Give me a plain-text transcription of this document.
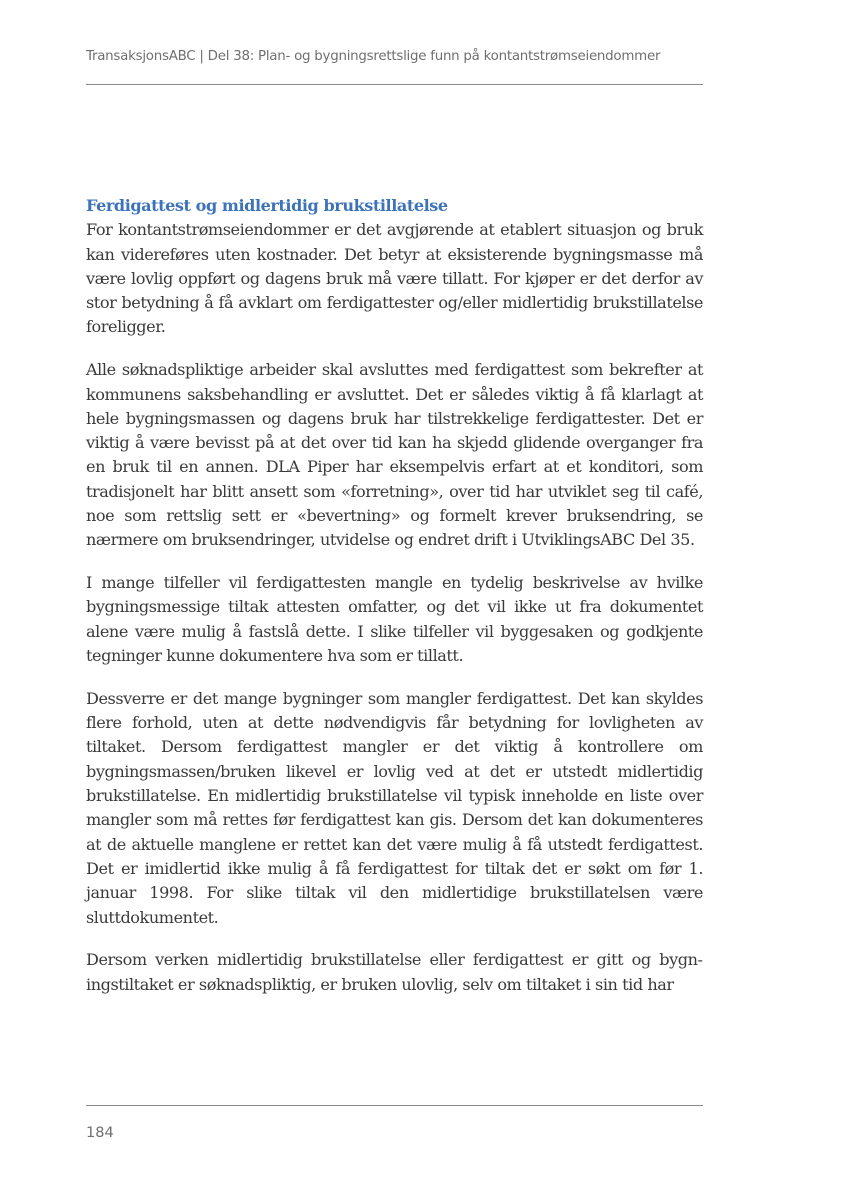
TransaksjonsABC | Del 38: Plan- og bygningsrettslige funn på kontantstrømseiendommer
Ferdigattest og midlertidig brukstillatelse

For kontantstrømseiendommer er det avgjørende at etablert situasjon og bruk kan videreføres uten kostnader. Det betyr at eksisterende bygningsmasse må være lovlig oppført og dagens bruk må være tillatt. For kjøper er det derfor av stor betydning å få avklart om ferdigattester og/eller midlertidig brukstillatelse foreligger.

Alle søknadspliktige arbeider skal avsluttes med ferdigattest som bekrefter at kommunens saksbehandling er avsluttet. Det er således viktig å få klarlagt at hele bygningsmassen og dagens bruk har tilstrekkelige ferdigattester. Det er viktig å være bevisst på at det over tid kan ha skjedd glidende overganger fra en bruk til en annen. DLA Piper har eksempelvis erfart at et konditori, som tradisjonelt har blitt ansett som «forretning», over tid har utviklet seg til café, noe som rettslig sett er «bevertning» og formelt krever bruksendring, se nærmere om bruksendringer, utvidelse og endret drift i UtviklingsABC Del 35.

I mange tilfeller vil ferdigattesten mangle en tydelig beskrivelse av hvilke bygningsmessige tiltak attesten omfatter, og det vil ikke ut fra dokumentet alene være mulig å fastslå dette. I slike tilfeller vil byggesaken og godkjente tegninger kunne dokumentere hva som er tillatt.

Dessverre er det mange bygninger som mangler ferdigattest. Det kan skyldes flere forhold, uten at dette nødvendigvis får betydning for lovligheten av tiltaket. Dersom ferdigattest mangler er det viktig å kontrollere om bygningsmassen/bruken likevel er lovlig ved at det er utstedt midlertidig brukstillatelse. En midlertidig brukstillatelse vil typisk inneholde en liste over mangler som må rettes før ferdigattest kan gis. Dersom det kan dokumenteres at de aktuelle manglene er rettet kan det være mulig å få utstedt ferdigattest. Det er imidlertid ikke mulig å få ferdigattest for tiltak det er søkt om før 1. januar 1998. For slike tiltak vil den midlertidige brukstillatelsen være sluttdokumentet.

Dersom verken midlertidig brukstillatelse eller ferdigattest er gitt og bygningstiltaket er søknadspliktig, er bruken ulovlig, selv om tiltaket i sin tid har

184
